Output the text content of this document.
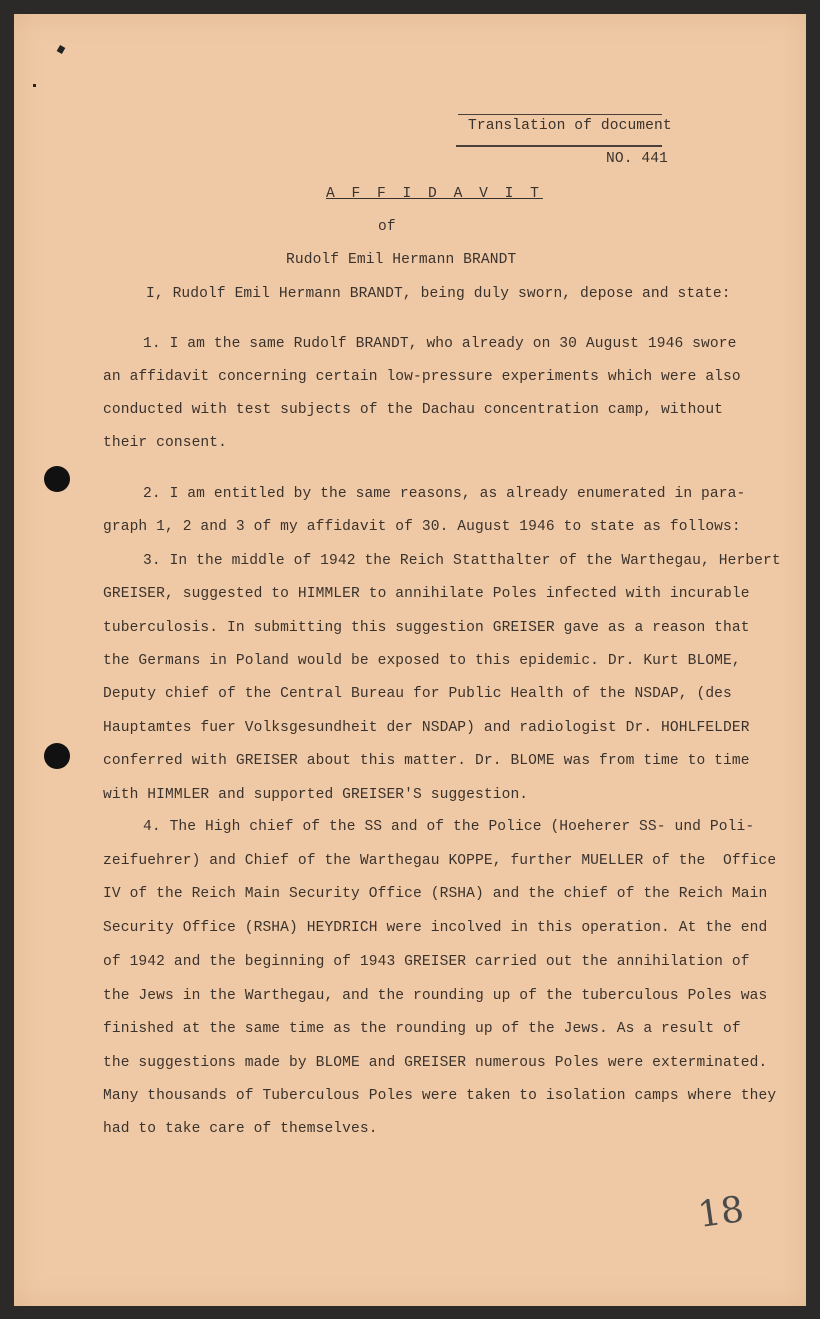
Translation of document
NO. 441
A F F I D A V I T
of
Rudolf Emil Hermann BRANDT
I, Rudolf Emil Hermann BRANDT, being duly sworn, depose and state:
1. I am the same Rudolf BRANDT, who already on 30 August 1946 swore
an affidavit concerning certain low-pressure experiments which were also
conducted with test subjects of the Dachau concentration camp, without
their consent.
2. I am entitled by the same reasons, as already enumerated in para-
graph 1, 2 and 3 of my affidavit of 30. August 1946 to state as follows:
3. In the middle of 1942 the Reich Statthalter of the Warthegau, Herbert
GREISER, suggested to HIMMLER to annihilate Poles infected with incurable
tuberculosis. In submitting this suggestion GREISER gave as a reason that
the Germans in Poland would be exposed to this epidemic. Dr. Kurt BLOME,
Deputy chief of the Central Bureau for Public Health of the NSDAP, (des
Hauptamtes fuer Volksgesundheit der NSDAP) and radiologist Dr. HOHLFELDER
conferred with GREISER about this matter. Dr. BLOME was from time to time
with HIMMLER and supported GREISER'S suggestion.
4. The High chief of the SS and of the Police (Hoeherer SS- und Poli-
zeifuehrer) and Chief of the Warthegau KOPPE, further MUELLER of the  Office
IV of the Reich Main Security Office (RSHA) and the chief of the Reich Main
Security Office (RSHA) HEYDRICH were incolved in this operation. At the end
of 1942 and the beginning of 1943 GREISER carried out the annihilation of
the Jews in the Warthegau, and the rounding up of the tuberculous Poles was
finished at the same time as the rounding up of the Jews. As a result of
the suggestions made by BLOME and GREISER numerous Poles were exterminated.
Many thousands of Tuberculous Poles were taken to isolation camps where they
had to take care of themselves.
18
